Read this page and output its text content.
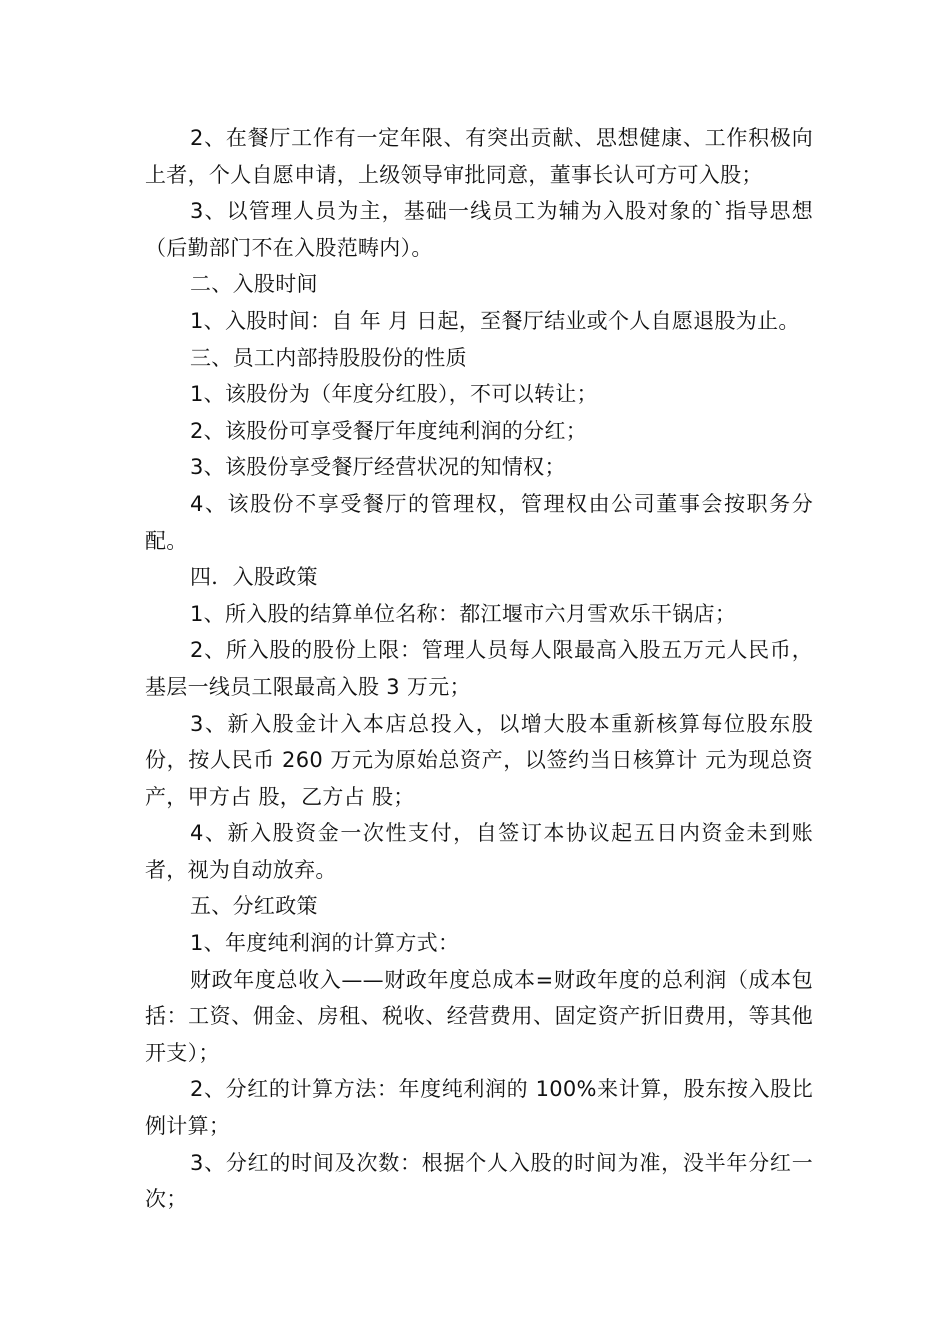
2、在餐厅工作有一定年限、有突出贡献、思想健康、工作积极向上者，个人自愿申请，上级领导审批同意，董事长认可方可入股；

3、以管理人员为主，基础一线员工为辅为入股对象的`指导思想（后勤部门不在入股范畴内）。

二、入股时间

1、入股时间：自 年 月 日起，至餐厅结业或个人自愿退股为止。

三、员工内部持股股份的性质

1、该股份为（年度分红股），不可以转让；

2、该股份可享受餐厅年度纯利润的分红；

3、该股份享受餐厅经营状况的知情权；

4、该股份不享受餐厅的管理权，管理权由公司董事会按职务分配。

四．入股政策

1、所入股的结算单位名称：都江堰市六月雪欢乐干锅店；

2、所入股的股份上限：管理人员每人限最高入股五万元人民币，基层一线员工限最高入股 3 万元；

3、新入股金计入本店总投入，以增大股本重新核算每位股东股份，按人民币 260 万元为原始总资产，以签约当日核算计 元为现总资产，甲方占 股，乙方占 股；

4、新入股资金一次性支付，自签订本协议起五日内资金未到账者，视为自动放弃。

五、分红政策

1、年度纯利润的计算方式：

财政年度总收入——财政年度总成本=财政年度的总利润（成本包括：工资、佣金、房租、税收、经营费用、固定资产折旧费用，等其他开支）；

2、分红的计算方法：年度纯利润的 100%来计算，股东按入股比例计算；

3、分红的时间及次数：根据个人入股的时间为准，没半年分红一次；
